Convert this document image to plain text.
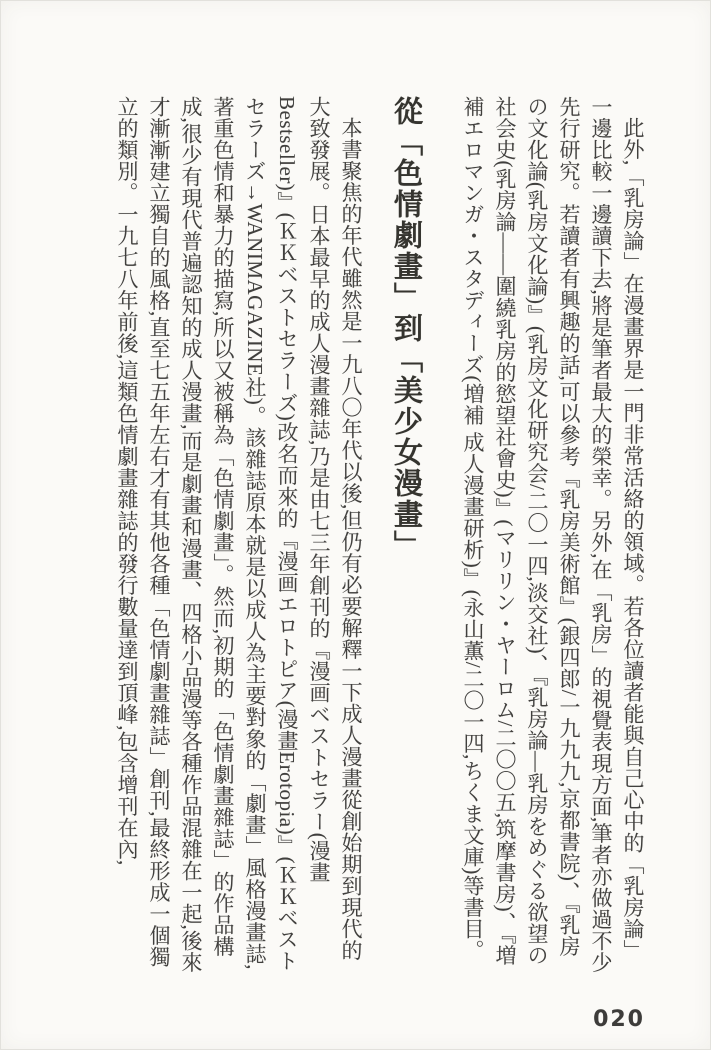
此外,「乳房論」在漫畫界是一門非常活絡的領域。若各位讀者能與自己心中的「乳房論」一邊比較一邊讀下去,將是筆者最大的榮幸。另外,在「乳房」的視覺表現方面,筆者亦做過不少先行研究。若讀者有興趣的話,可以參考『乳房美術館』(銀四郎/一九九九,京都書院)、『乳房の文化論(乳房文化論)』(乳房文化研究会/二〇一四,淡交社)、『乳房論―乳房をめぐる欲望の社会史(乳房論――圍繞乳房的慾望社會史)』(マリリン・ヤーロム/二〇〇五,筑摩書房)、『増補エロマンガ・スタディーズ(増補 成人漫畫研析)』(永山薫/二〇一四,ちくま文庫)等書目。

從「色情劇畫」到「美少女漫畫」

本書聚焦的年代雖然是一九八〇年代以後,但仍有必要解釋一下成人漫畫從創始期到現代的大致發展。日本最早的成人漫畫雜誌,乃是由七三年創刊的『漫画ベストセラー(漫畫Bestseller)』(ＫＫベストセラーズ)改名而來的『漫画エロトピア(漫畫Erotopia)』(ＫＫベストセラーズ→WANIMAGAZINE社)。該雜誌原本就是以成人為主要對象的「劇畫」風格漫畫誌,著重色情和暴力的描寫,所以又被稱為「色情劇畫」。然而,初期的「色情劇畫雜誌」的作品構成,很少有現代普遍認知的成人漫畫,而是劇畫和漫畫、四格小品漫等各種作品混雜在一起,後來才漸漸建立獨自的風格,直至七五年左右才有其他各種「色情劇畫雜誌」創刊,最終形成一個獨立的類別。一九七八年前後,這類色情劇畫雜誌的發行數量達到頂峰,包含增刊在內,

020
